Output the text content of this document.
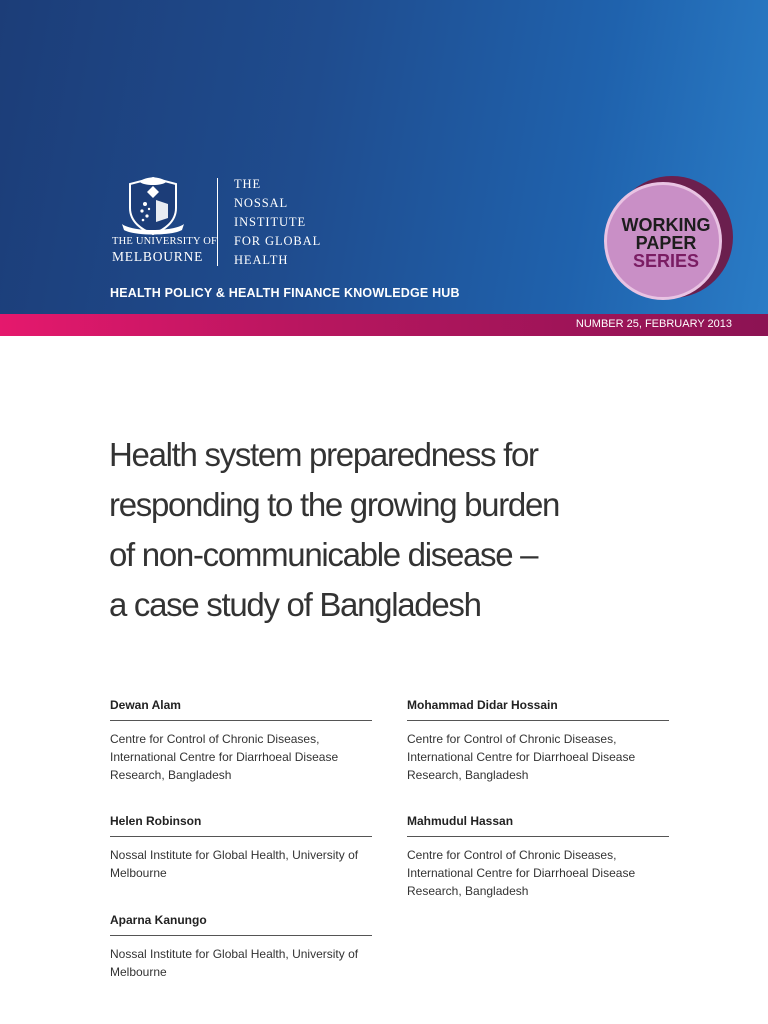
THE UNIVERSITY OF
MELBOURNE
THE
NOSSAL
INSTITUTE
FOR GLOBAL
HEALTH
HEALTH POLICY & HEALTH FINANCE KNOWLEDGE HUB
WORKING
PAPER
SERIES
NUMBER 25, FEBRUARY 2013
Health system preparedness for
responding to the growing burden
of non-communicable disease –
a case study of Bangladesh
Dewan Alam
Centre for Control of Chronic Diseases,
International Centre for Diarrhoeal Disease
Research, Bangladesh
Mohammad Didar Hossain
Centre for Control of Chronic Diseases,
International Centre for Diarrhoeal Disease
Research, Bangladesh
Helen Robinson
Nossal Institute for Global Health, University of
Melbourne
Mahmudul Hassan
Centre for Control of Chronic Diseases,
International Centre for Diarrhoeal Disease
Research, Bangladesh
Aparna Kanungo
Nossal Institute for Global Health, University of
Melbourne
